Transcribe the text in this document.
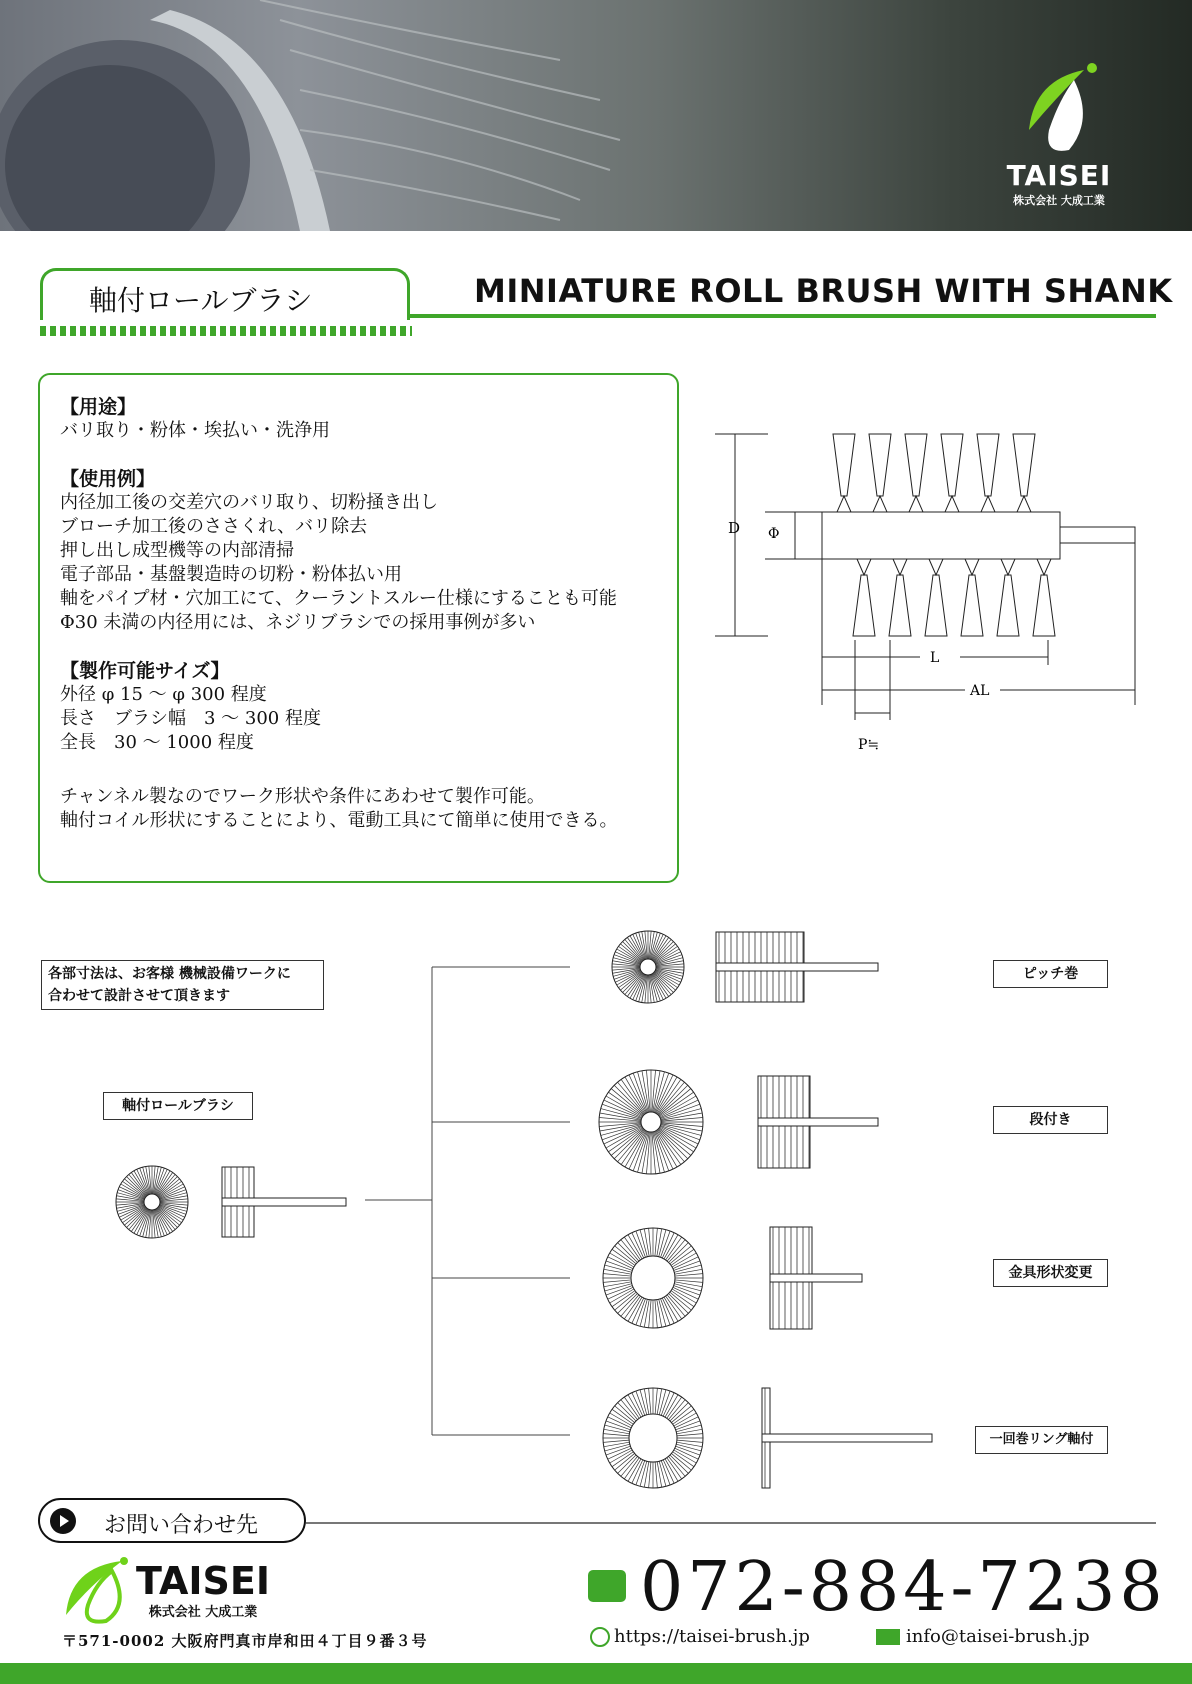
TAISEI
株式会社 大成工業
軸付ロールブラシ	MINIATURE ROLL BRUSH WITH SHANK
【用途】
バリ取り・粉体・埃払い・洗浄用
【使用例】
内径加工後の交差穴のバリ取り、切粉掻き出し
ブローチ加工後のささくれ、バリ除去
押し出し成型機等の内部清掃
電子部品・基盤製造時の切粉・粉体払い用
軸をパイプ材・穴加工にて、クーラントスルー仕様にすることも可能
Φ30 未満の内径用には、ネジリブラシでの採用事例が多い
【製作可能サイズ】
外径 φ 15 〜 φ 300 程度
長さ　ブラシ幅　3 〜 300 程度
全長　30 〜 1000 程度
チャンネル製なのでワーク形状や条件にあわせて製作可能。
軸付コイル形状にすることにより、電動工具にて簡単に使用できる。
D Φ
L
AL
P≒
各部寸法は、お客様 機械設備ワークに
合わせて設計させて頂きます
軸付ロールブラシ
ピッチ巻
段付き
金具形状変更
一回巻リング軸付
お問い合わせ先
TAISEI
株式会社 大成工業
〒571-0002 大阪府門真市岸和田４丁目９番３号
072-884-7238
https://taisei-brush.jp	info@taisei-brush.jp
